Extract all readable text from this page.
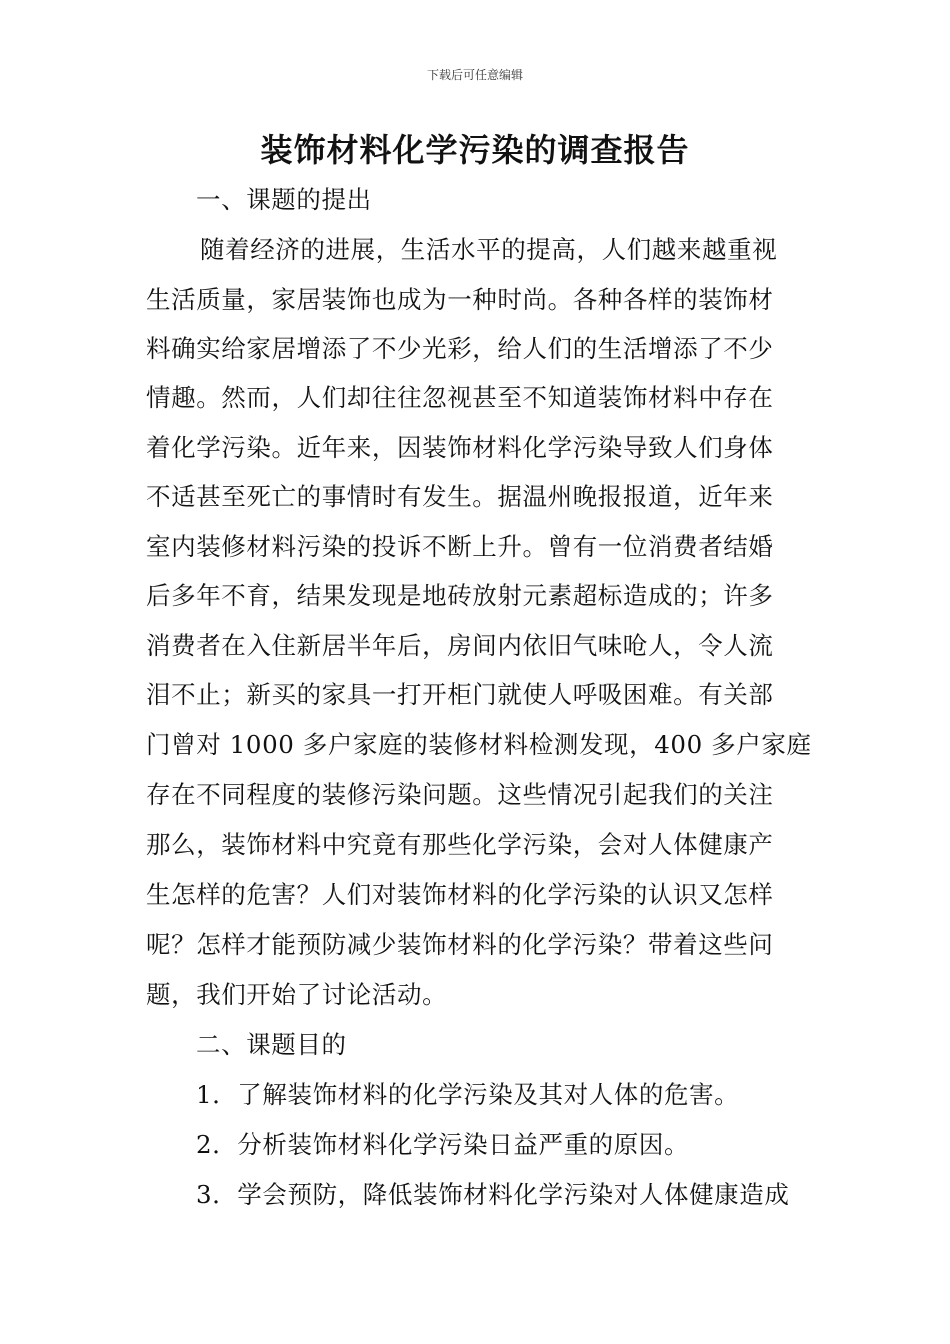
下载后可任意编辑
装饰材料化学污染的调查报告
一、课题的提出
随着经济的进展，生活水平的提高，人们越来越重视
生活质量，家居装饰也成为一种时尚。各种各样的装饰材
料确实给家居增添了不少光彩，给人们的生活增添了不少
情趣。然而，人们却往往忽视甚至不知道装饰材料中存在
着化学污染。近年来，因装饰材料化学污染导致人们身体
不适甚至死亡的事情时有发生。据温州晚报报道，近年来
室内装修材料污染的投诉不断上升。曾有一位消费者结婚
后多年不育，结果发现是地砖放射元素超标造成的；许多
消费者在入住新居半年后，房间内依旧气味呛人，令人流
泪不止；新买的家具一打开柜门就使人呼吸困难。有关部
门曾对 1000 多户家庭的装修材料检测发现，400 多户家庭
存在不同程度的装修污染问题。这些情况引起我们的关注
那么，装饰材料中究竟有那些化学污染，会对人体健康产
生怎样的危害？人们对装饰材料的化学污染的认识又怎样
呢？怎样才能预防减少装饰材料的化学污染？带着这些问
题，我们开始了讨论活动。
二、课题目的
1．了解装饰材料的化学污染及其对人体的危害。
2．分析装饰材料化学污染日益严重的原因。
3．学会预防，降低装饰材料化学污染对人体健康造成
